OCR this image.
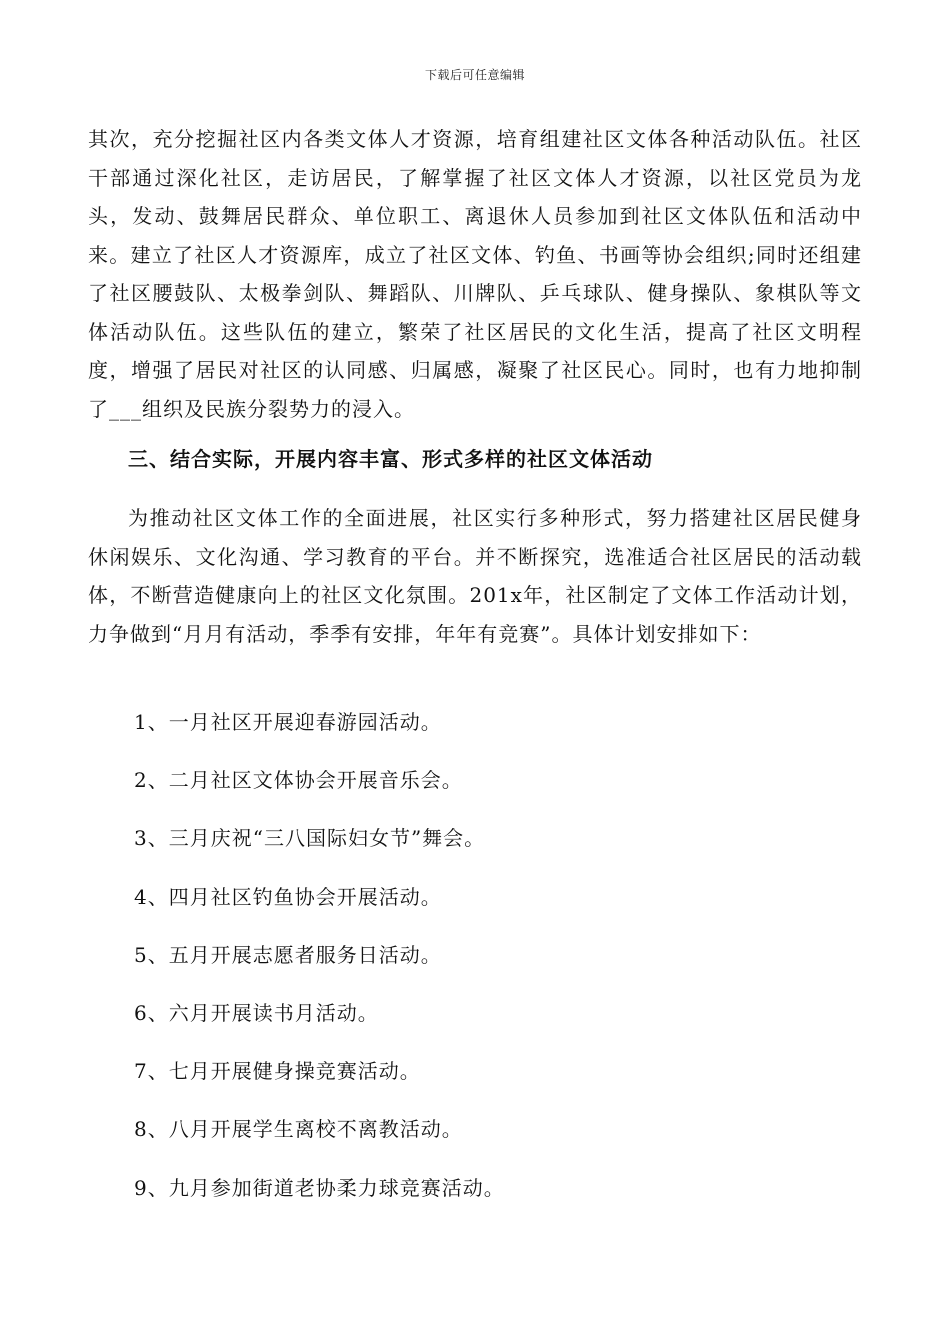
下载后可任意编辑

其次，充分挖掘社区内各类文体人才资源，培育组建社区文体各种活动队伍。社区干部通过深化社区，走访居民，了解掌握了社区文体人才资源，以社区党员为龙头，发动、鼓舞居民群众、单位职工、离退休人员参加到社区文体队伍和活动中来。建立了社区人才资源库，成立了社区文体、钓鱼、书画等协会组织;同时还组建了社区腰鼓队、太极拳剑队、舞蹈队、川牌队、乒乓球队、健身操队、象棋队等文体活动队伍。这些队伍的建立，繁荣了社区居民的文化生活，提高了社区文明程度，增强了居民对社区的认同感、归属感，凝聚了社区民心。同时，也有力地抑制了___组织及民族分裂势力的浸入。

三、结合实际，开展内容丰富、形式多样的社区文体活动

为推动社区文体工作的全面进展，社区实行多种形式，努力搭建社区居民健身休闲娱乐、文化沟通、学习教育的平台。并不断探究，选准适合社区居民的活动载体，不断营造健康向上的社区文化氛围。201x年，社区制定了文体工作活动计划，力争做到“月月有活动，季季有安排，年年有竞赛”。具体计划安排如下：

1、一月社区开展迎春游园活动。
2、二月社区文体协会开展音乐会。
3、三月庆祝“三八国际妇女节”舞会。
4、四月社区钓鱼协会开展活动。
5、五月开展志愿者服务日活动。
6、六月开展读书月活动。
7、七月开展健身操竞赛活动。
8、八月开展学生离校不离教活动。
9、九月参加街道老协柔力球竞赛活动。
